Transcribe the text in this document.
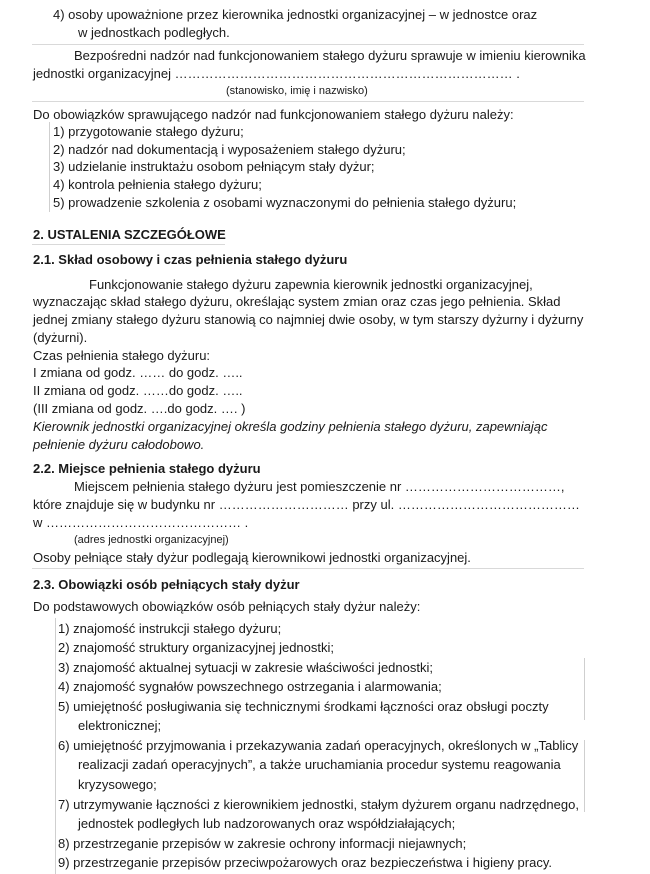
4) osoby upoważnione przez kierownika jednostki organizacyjnej – w jednostce oraz
w jednostkach podległych.
Bezpośredni nadzór nad funkcjonowaniem stałego dyżuru sprawuje w imieniu kierownika
jednostki organizacyjnej …………………………………………………………………… .
(stanowisko, imię i nazwisko)
Do obowiązków sprawującego nadzór nad funkcjonowaniem stałego dyżuru należy:
1) przygotowanie stałego dyżuru;
2) nadzór nad dokumentacją i wyposażeniem stałego dyżuru;
3) udzielanie instruktażu osobom pełniącym stały dyżur;
4) kontrola pełnienia stałego dyżuru;
5) prowadzenie szkolenia z osobami wyznaczonymi do pełnienia stałego dyżuru;
2. USTALENIA SZCZEGÓŁOWE
2.1. Skład osobowy i czas pełnienia stałego dyżuru
Funkcjonowanie stałego dyżuru zapewnia kierownik jednostki organizacyjnej,
wyznaczając skład stałego dyżuru, określając system zmian oraz czas jego pełnienia. Skład
jednej zmiany stałego dyżuru stanowią co najmniej dwie osoby, w tym starszy dyżurny i dyżurny
(dyżurni).
Czas pełnienia stałego dyżuru:
I zmiana od godz. …… do godz. …..
II zmiana od godz. ……do godz. …..
(III zmiana od godz. ….do godz. …. )
Kierownik jednostki organizacyjnej określa godziny pełnienia stałego dyżuru, zapewniając
pełnienie dyżuru całodobowo.
2.2. Miejsce pełnienia stałego dyżuru
Miejscem pełnienia stałego dyżuru jest pomieszczenie nr ………………………………,
które znajduje się w budynku nr ………………………… przy ul. ……………………………………
w ……………………………………… .
(adres jednostki organizacyjnej)
Osoby pełniące stały dyżur podlegają kierownikowi jednostki organizacyjnej.
2.3. Obowiązki osób pełniących stały dyżur
Do podstawowych obowiązków osób pełniących stały dyżur należy:
1) znajomość instrukcji stałego dyżuru;
2) znajomość struktury organizacyjnej jednostki;
3) znajomość aktualnej sytuacji w zakresie właściwości jednostki;
4) znajomość sygnałów powszechnego ostrzegania i alarmowania;
5) umiejętność posługiwania się technicznymi środkami łączności oraz obsługi poczty
elektronicznej;
6) umiejętność przyjmowania i przekazywania zadań operacyjnych, określonych w „Tablicy
realizacji zadań operacyjnych”, a także uruchamiania procedur systemu reagowania
kryzysowego;
7) utrzymywanie łączności z kierownikiem jednostki, stałym dyżurem organu nadrzędnego,
jednostek podległych lub nadzorowanych oraz współdziałających;
8) przestrzeganie przepisów w zakresie ochrony informacji niejawnych;
9) przestrzeganie przepisów przeciwpożarowych oraz bezpieczeństwa i higieny pracy.
